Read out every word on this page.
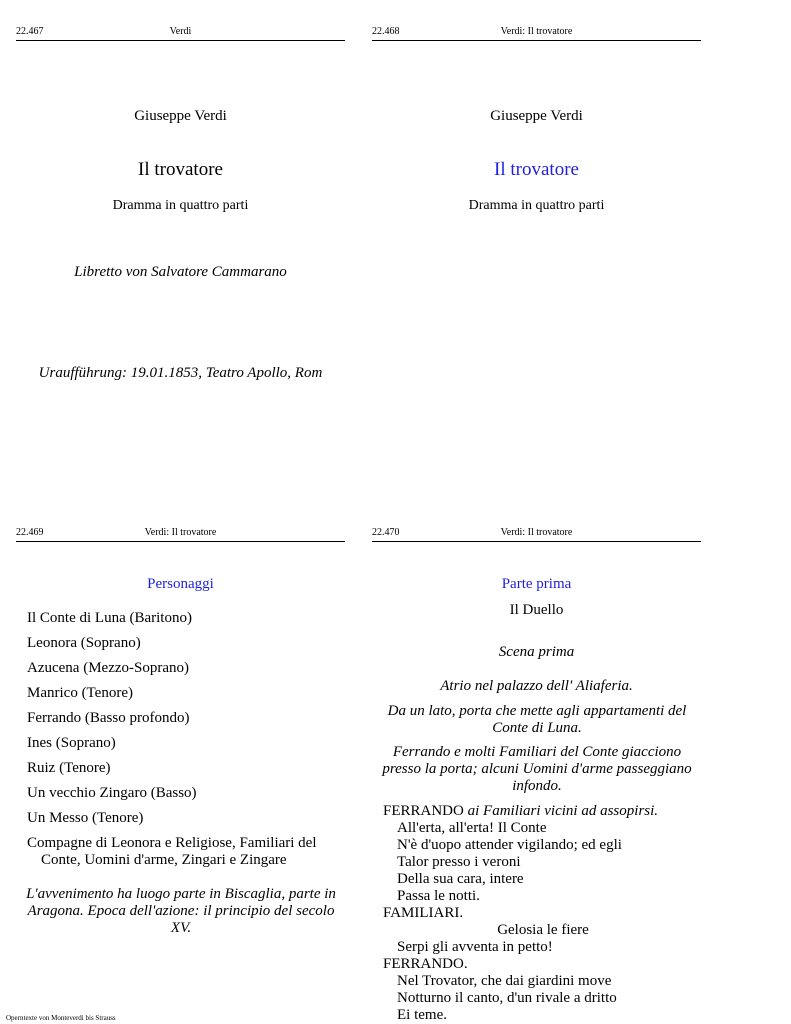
22.467	Verdi
Giuseppe Verdi
Il trovatore
Dramma in quattro parti
Libretto von Salvatore Cammarano
Uraufführung: 19.01.1853, Teatro Apollo, Rom
22.468	Verdi: Il trovatore
Giuseppe Verdi
Il trovatore
Dramma in quattro parti
22.469	Verdi: Il trovatore
Personaggi
Il Conte di Luna (Baritono)
Leonora (Soprano)
Azucena (Mezzo-Soprano)
Manrico (Tenore)
Ferrando (Basso profondo)
Ines (Soprano)
Ruiz (Tenore)
Un vecchio Zingaro (Basso)
Un Messo (Tenore)
Compagne di Leonora e Religiose, Familiari del Conte, Uomini d'arme, Zingari e Zingare
L'avvenimento ha luogo parte in Biscaglia, parte in Aragona. Epoca dell'azione: il principio del secolo XV.
22.470	Verdi: Il trovatore
Parte prima
Il Duello
Scena prima
Atrio nel palazzo dell' Aliaferia.
Da un lato, porta che mette agli appartamenti del Conte di Luna.
Ferrando e molti Familiari del Conte giacciono presso la porta; alcuni Uomini d'arme passeggiano infondo.
FERRANDO ai Familiari vicini ad assopirsi.
All'erta, all'erta! Il Conte
N'è d'uopo attender vigilando; ed egli
Talor presso i veroni
Della sua cara, intere
Passa le notti.
FAMILIARI.
Gelosia le fiere
Serpi gli avventa in petto!
FERRANDO.
Nel Trovator, che dai giardini move
Notturno il canto, d'un rivale a dritto
Ei teme.
Operntexte von Monteverdi bis Strauss
